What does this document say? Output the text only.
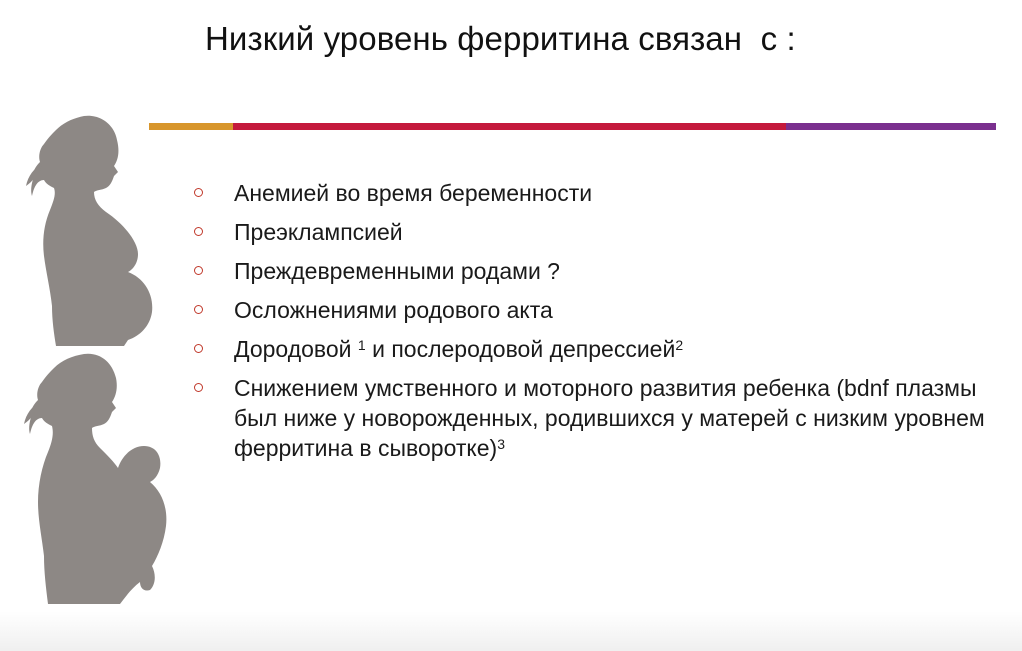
Низкий уровень ферритина связан  с :
Анемией во время беременности
Преэклампсией
Преждевременными родами ?
Осложнениями родового акта
Дородовой $^1$ и послеродовой депрессией$^2$
Снижением умственного и моторного развития ребенка (bdnf плазмы был ниже у новорожденных, родившихся у матерей с низким уровнем ферритина в сыворотке)$^3$
